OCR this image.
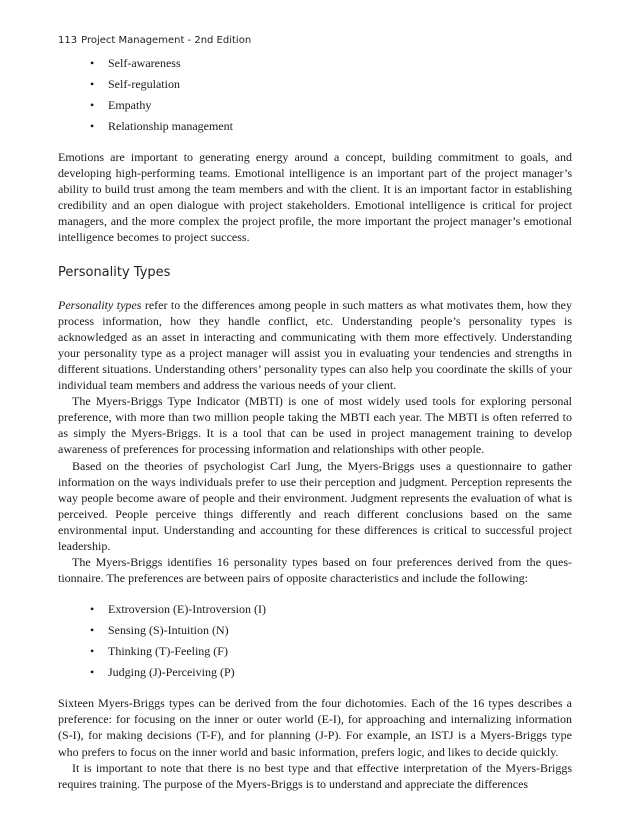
113 Project Management - 2nd Edition
• Self-awareness
• Self-regulation
• Empathy
• Relationship management

Emotions are important to generating energy around a concept, building commitment to goals, and developing high-performing teams. Emotional intelligence is an important part of the project manager’s ability to build trust among the team members and with the client. It is an important factor in establishing credibility and an open dialogue with project stakeholders. Emotional intelligence is critical for project managers, and the more complex the project profile, the more important the project manager’s emotional intelligence becomes to project success.

Personality Types

Personality types refer to the differences among people in such matters as what motivates them, how they process information, how they handle conflict, etc. Understanding people’s personality types is acknowledged as an asset in interacting and communicating with them more effectively. Understanding your personality type as a project manager will assist you in evaluating your tendencies and strengths in different situations. Understanding others’ personality types can also help you coordinate the skills of your individual team members and address the various needs of your client.

The Myers-Briggs Type Indicator (MBTI) is one of most widely used tools for exploring personal preference, with more than two million people taking the MBTI each year. The MBTI is often referred to as simply the Myers-Briggs. It is a tool that can be used in project management training to develop awareness of preferences for processing information and relationships with other people.

Based on the theories of psychologist Carl Jung, the Myers-Briggs uses a questionnaire to gather information on the ways individuals prefer to use their perception and judgment. Perception represents the way people become aware of people and their environment. Judgment represents the evaluation of what is perceived. People perceive things differently and reach different conclusions based on the same environmental input. Understanding and accounting for these differences is critical to successful project leadership.

The Myers-Briggs identifies 16 personality types based on four preferences derived from the questionnaire. The preferences are between pairs of opposite characteristics and include the following:

• Extroversion (E)-Introversion (I)
• Sensing (S)-Intuition (N)
• Thinking (T)-Feeling (F)
• Judging (J)-Perceiving (P)

Sixteen Myers-Briggs types can be derived from the four dichotomies. Each of the 16 types describes a preference: for focusing on the inner or outer world (E-I), for approaching and internalizing information (S-I), for making decisions (T-F), and for planning (J-P). For example, an ISTJ is a Myers-Briggs type who prefers to focus on the inner world and basic information, prefers logic, and likes to decide quickly.

It is important to note that there is no best type and that effective interpretation of the Myers-Briggs requires training. The purpose of the Myers-Briggs is to understand and appreciate the differences
